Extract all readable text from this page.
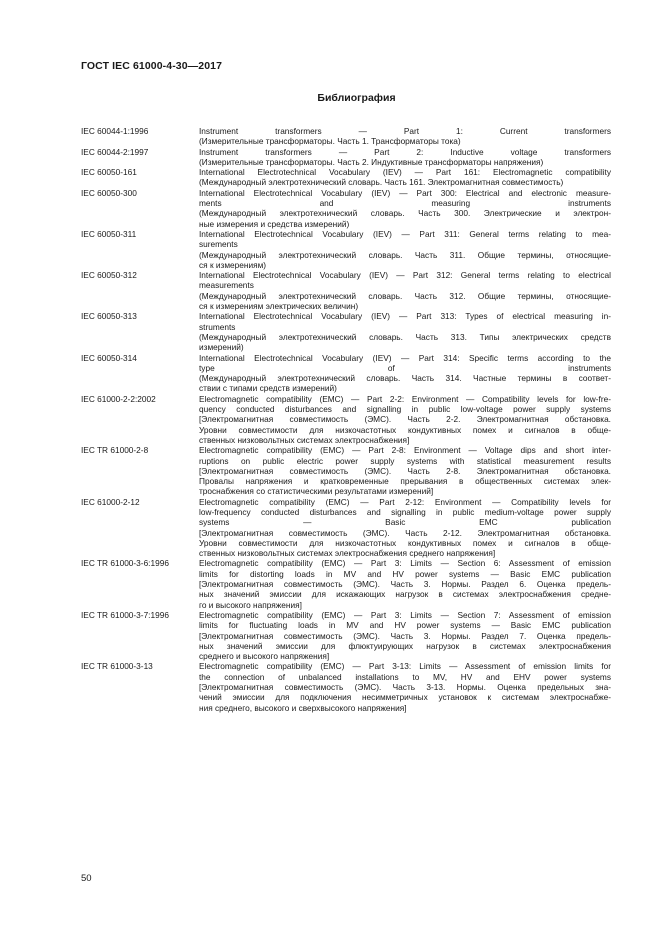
ГОСТ IEC 61000-4-30—2017
Библиография
IEC 60044-1:1996	Instrument transformers — Part 1: Current transformers
(Измерительные трансформаторы. Часть 1. Трансформаторы тока)
IEC 60044-2:1997	Instrument transformers — Part 2: Inductive voltage transformers
(Измерительные трансформаторы. Часть 2. Индуктивные трансформаторы напряжения)
IEC 60050-161	International Electrotechnical Vocabulary (IEV) — Part 161: Electromagnetic compatibility
(Международный электротехнический словарь. Часть 161. Электромагнитная совместимость)
IEC 60050-300	International Electrotechnical Vocabulary (IEV) — Part 300: Electrical and electronic measure-
ments and measuring instruments
(Международный электротехнический словарь. Часть 300. Электрические и электрон-
ные измерения и средства измерений)
IEC 60050-311	International Electrotechnical Vocabulary (IEV) — Part 311: General terms relating to mea-
surements
(Международный электротехнический словарь. Часть 311. Общие термины, относящие-
ся к измерениям)
IEC 60050-312	International Electrotechnical Vocabulary (IEV) — Part 312: General terms relating to electrical
measurements
(Международный электротехнический словарь. Часть 312. Общие термины, относящие-
ся к измерениям электрических величин)
IEC 60050-313	International Electrotechnical Vocabulary (IEV) — Part 313: Types of electrical measuring in-
struments
(Международный электротехнический словарь. Часть 313. Типы электрических средств
измерений)
IEC 60050-314	International Electrotechnical Vocabulary (IEV) — Part 314: Specific terms according to the
type of instruments
(Международный электротехнический словарь. Часть 314. Частные термины в соответ-
ствии с типами средств измерений)
IEC 61000-2-2:2002	Electromagnetic compatibility (EMC) — Part 2-2: Environment — Compatibility levels for low-fre-
quency conducted disturbances and signalling in public low-voltage power supply systems
[Электромагнитная совместимость (ЭМС). Часть 2-2. Электромагнитная обстановка.
Уровни совместимости для низкочастотных кондуктивных помех и сигналов в обще-
ственных низковольтных системах электроснабжения]
IEC TR 61000-2-8	Electromagnetic compatibility (EMC) — Part 2-8: Environment — Voltage dips and short inter-
ruptions on public electric power supply systems with statistical measurement results
[Электромагнитная совместимость (ЭМС). Часть 2-8. Электромагнитная обстановка.
Провалы напряжения и кратковременные прерывания в общественных системах элек-
троснабжения со статистическими результатами измерений]
IEC 61000-2-12	Electromagnetic compatibility (EMC) — Part 2-12: Environment — Compatibility levels for
low-frequency conducted disturbances and signalling in public medium-voltage power supply
systems — Basic EMC publication
[Электромагнитная совместимость (ЭМС). Часть 2-12. Электромагнитная обстановка.
Уровни совместимости для низкочастотных кондуктивных помех и сигналов в обще-
ственных низковольтных системах электроснабжения среднего напряжения]
IEC TR 61000-3-6:1996	Electromagnetic compatibility (EMC) — Part 3: Limits — Section 6: Assessment of emission
limits for distorting loads in MV and HV power systems — Basic EMC publication
[Электромагнитная совместимость (ЭМС). Часть 3. Нормы. Раздел 6. Оценка предель-
ных значений эмиссии для искажающих нагрузок в системах электроснабжения средне-
го и высокого напряжения]
IEC TR 61000-3-7:1996	Electromagnetic compatibility (EMC) — Part 3: Limits — Section 7: Assessment of emission
limits for fluctuating loads in MV and HV power systems — Basic EMC publication
[Электромагнитная совместимость (ЭМС). Часть 3. Нормы. Раздел 7. Оценка предель-
ных значений эмиссии для флюктуирующих нагрузок в системах электроснабжения
среднего и высокого напряжения]
IEC TR 61000-3-13	Electromagnetic compatibility (EMC) — Part 3-13: Limits — Assessment of emission limits for
the connection of unbalanced installations to MV, HV and EHV power systems
[Электромагнитная совместимость (ЭМС). Часть 3-13. Нормы. Оценка предельных зна-
чений эмиссии для подключения несимметричных установок к системам электроснабже-
ния среднего, высокого и сверхвысокого напряжения]
50
